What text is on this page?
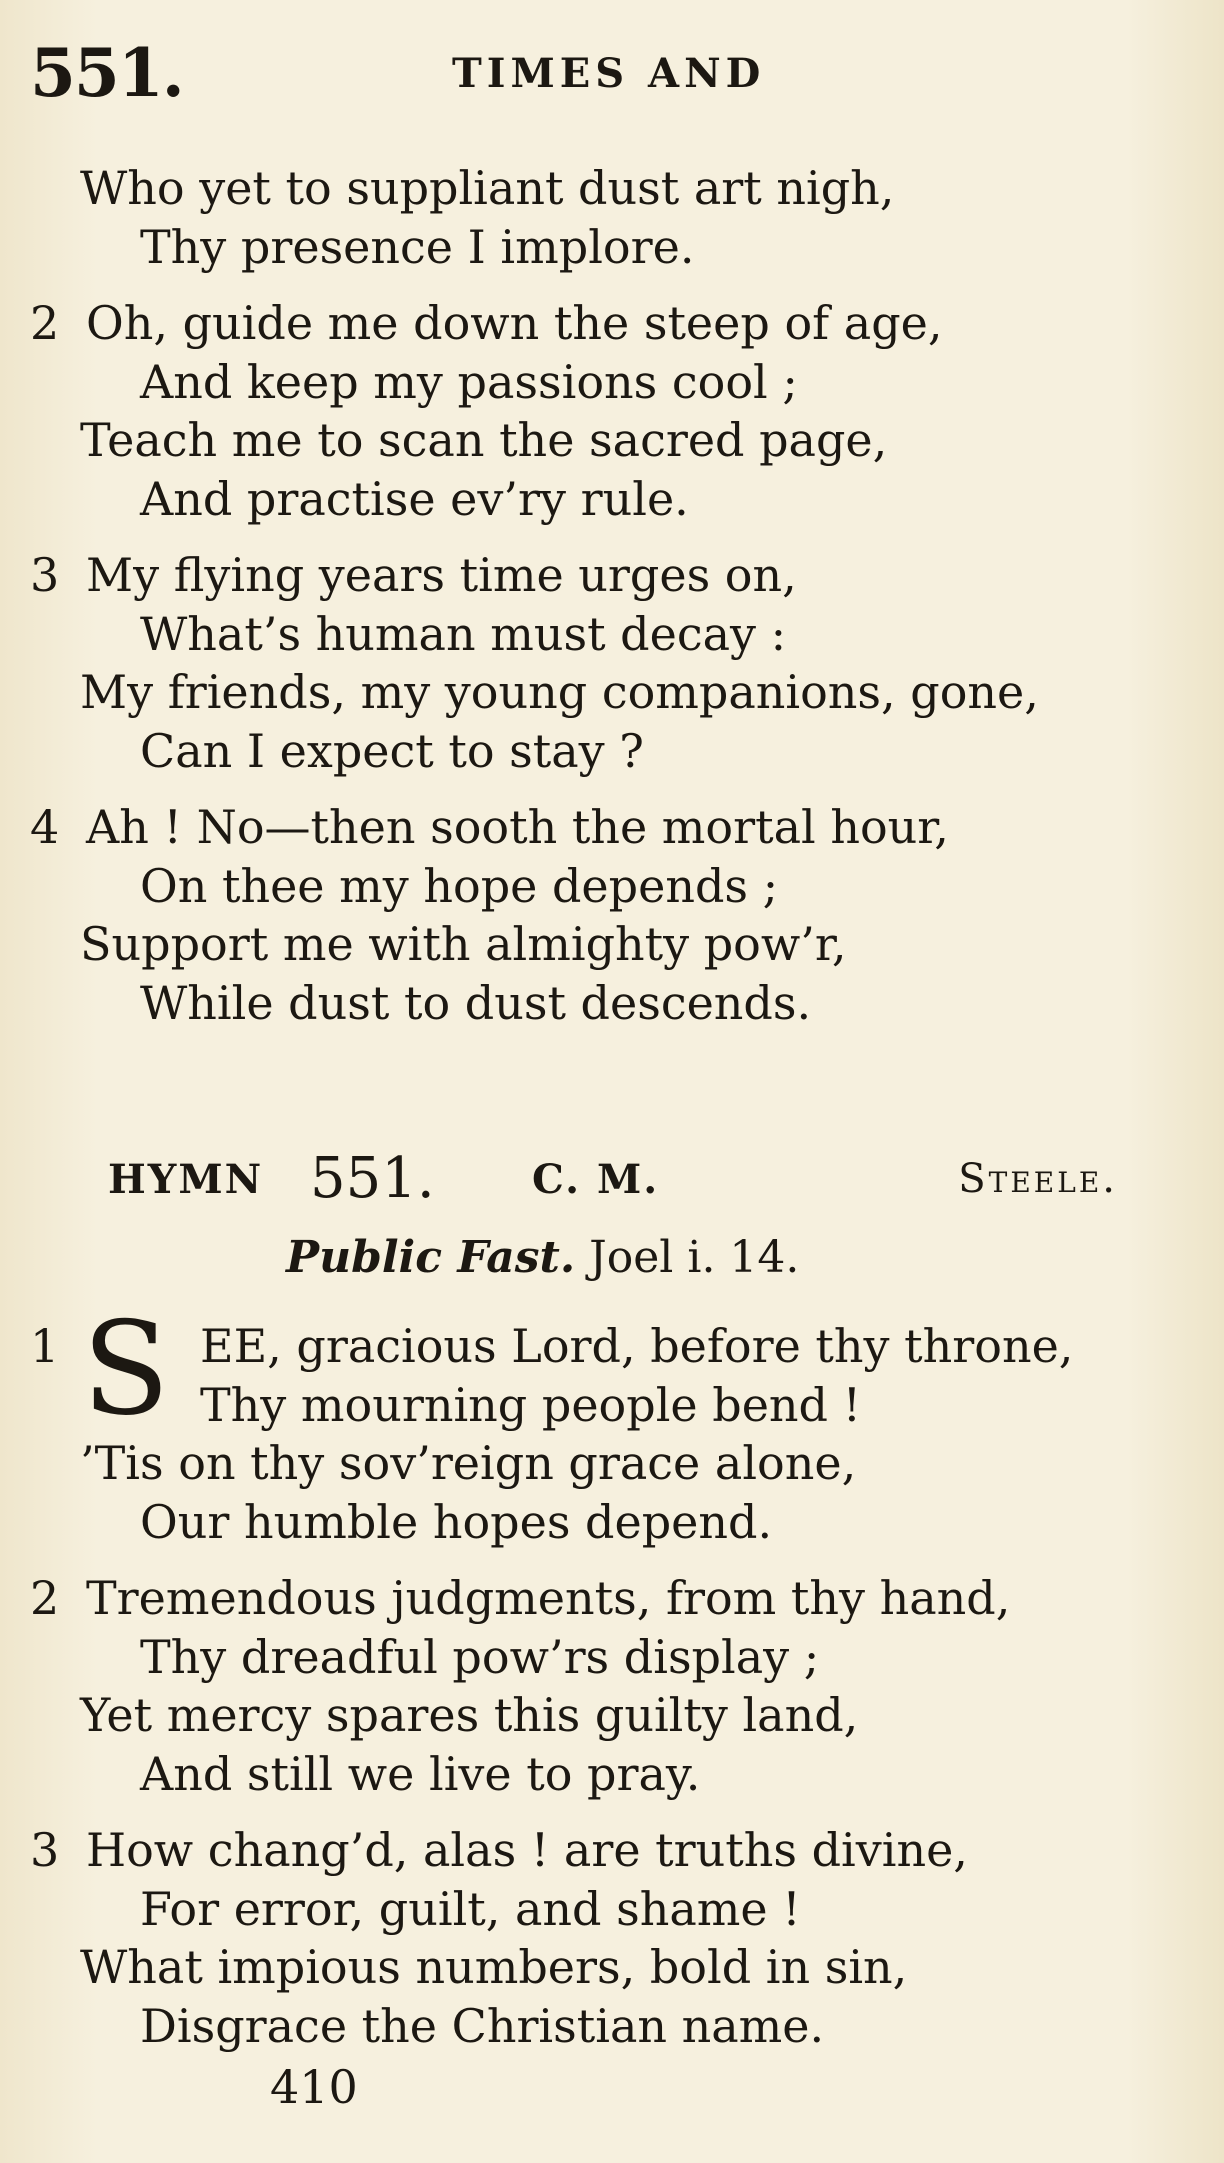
551.	TIMES AND
Who yet to suppliant dust art nigh,
Thy presence I implore.
2 Oh, guide me down the steep of age,
And keep my passions cool ;
Teach me to scan the sacred page,
And practise ev’ry rule.
3 My flying years time urges on,
What’s human must decay :
My friends, my young companions, gone,
Can I expect to stay ?
4 Ah ! No—then sooth the mortal hour,
On thee my hope depends ;
Support me with almighty pow’r,
While dust to dust descends.
HYMN 551. C. M.	Steele.
Public Fast. Joel i. 14.
1 S EE, gracious Lord, before thy throne,
Thy mourning people bend !
’Tis on thy sov’reign grace alone,
Our humble hopes depend.
2 Tremendous judgments, from thy hand,
Thy dreadful pow’rs display ;
Yet mercy spares this guilty land,
And still we live to pray.
3 How chang’d, alas ! are truths divine,
For error, guilt, and shame !
What impious numbers, bold in sin,
Disgrace the Christian name.
410
